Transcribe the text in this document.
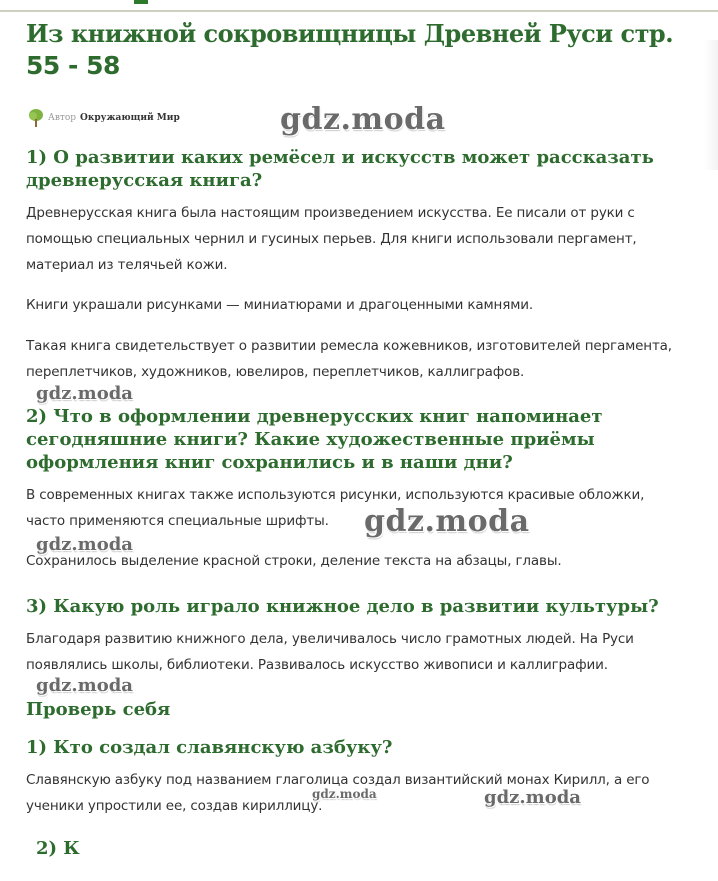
Из книжной сокровищницы Древней Руси стр. 55 - 58
Автор Окружающий Мир
1) О развитии каких ремёсел и искусств может рассказать древнерусская книга?

Древнерусская книга была настоящим произведением искусства. Ее писали от руки с помощью специальных чернил и гусиных перьев. Для книги использовали пергамент, материал из телячьей кожи.

Книги украшали рисунками — миниатюрами и драгоценными камнями.

Такая книга свидетельствует о развитии ремесла кожевников, изготовителей пергамента, переплетчиков, художников, ювелиров, переплетчиков, каллиграфов.

2) Что в оформлении древнерусских книг напоминает сегодняшние книги? Какие художественные приёмы оформления книг сохранились и в наши дни?

В современных книгах также используются рисунки, используются красивые обложки, часто применяются специальные шрифты.

Сохранилось выделение красной строки, деление текста на абзацы, главы.

3) Какую роль играло книжное дело в развитии культуры?

Благодаря развитию книжного дела, увеличивалось число грамотных людей. На Руси появлялись школы, библиотеки. Развивалось искусство живописи и каллиграфии.

Проверь себя
1) Кто создал славянскую азбуку?

Славянскую азбуку под названием глаголица создал византийский монах Кирилл, а его ученики упростили ее, создав кириллицу.

2) К
gdz.moda
gdz.moda
gdz.moda
gdz.moda
gdz.moda
gdz.moda	gdz.moda
